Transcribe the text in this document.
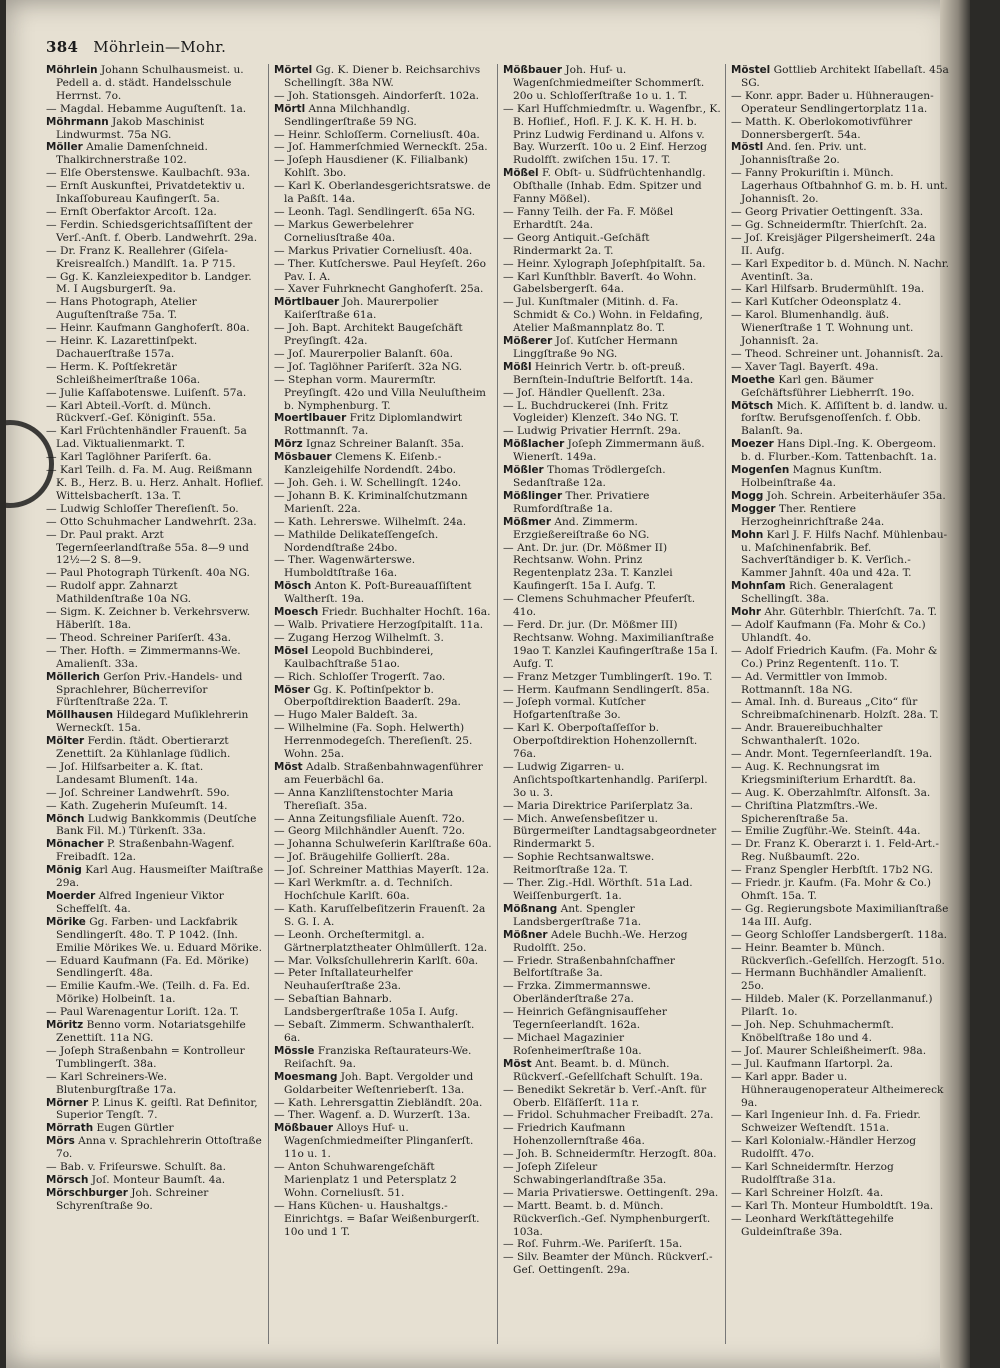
384 Möhrlein—Mohr.
Möhrlein Johann Schulhausmeist. u. Pedell a. d. städt. Handelsschule Herrnst. 7o.
— Magdal. Hebamme Auguſtenſt. 1a.
Möhrmann Jakob Maschinist Lindwurmst. 75a NG.
Möller Amalie Damenſchneid. Thalkirchnerstraße 102.
— Elſe Oberstenswe. Kaulbachſt. 93a.
— Ernſt Auskunftei, Privatdetektiv u. Inkaſſobureau Kaufingerſt. 5a.
— Ernſt Oberfaktor Arcoſt. 12a.
— Ferdin. Schiedsgerichtsaſſiſtent der Verſ.-Anſt. f. Oberb. Landwehrſt. 29a.
— Dr. Franz K. Reallehrer (Giſela-Kreisrealſch.) Mandlſt. 1a. P 715.
— Gg. K. Kanzleiexpeditor b. Landger. M. I Augsburgerſt. 9a.
— Hans Photograph, Atelier Auguſtenſtraße 75a. T.
— Heinr. Kaufmann Ganghoferſt. 80a.
— Heinr. K. Lazarettinſpekt. Dachauerſtraße 157a.
— Herm. K. Poſtſekretär Schleißheimerſtraße 106a.
— Julie Kaſſabotenswe. Luiſenſt. 57a.
— Karl Abteil.-Vorſt. d. Münch. Rückverſ.-Geſ. Königinſt. 55a.
— Karl Früchtenhändler Frauenſt. 5a Lad. Viktualienmarkt. T.
— Karl Taglöhner Pariſerſt. 6a.
— Karl Teilh. d. Fa. M. Aug. Reißmann K. B., Herz. B. u. Herz. Anhalt. Hoflief. Wittelsbacherſt. 13a. T.
— Ludwig Schloſſer Thereſienſt. 5o.
— Otto Schuhmacher Landwehrſt. 23a.
— Dr. Paul prakt. Arzt Tegernſeerlandſtraße 55a. 8—9 und 12½—2 S. 8—9.
— Paul Photograph Türkenſt. 40a NG.
— Rudolf appr. Zahnarzt Mathildenſtraße 10a NG.
— Sigm. K. Zeichner b. Verkehrsverw. Häberlſt. 18a.
— Theod. Schreiner Pariſerſt. 43a.
— Ther. Hofth. = Zimmermanns-We. Amalienſt. 33a.
Möllerich Gerſon Priv.-Handels- und Sprachlehrer, Bücherreviſor Fürſtenſtraße 22a. T.
Möllhausen Hildegard Muſiklehrerin Werneckſt. 15a.
Mölter Ferdin. ſtädt. Obertierarzt Zenettiſt. 2a Kühlanlage ſüdlich.
— Joſ. Hilfsarbeiter a. K. ſtat. Landesamt Blumenſt. 14a.
— Joſ. Schreiner Landwehrſt. 59o.
— Kath. Zugeherin Muſeumſt. 14.
Mönch Ludwig Bankkommis (Deutſche Bank Fil. M.) Türkenſt. 33a.
Mönacher P. Straßenbahn-Wagenf. Freibadſt. 12a.
Mönig Karl Aug. Hausmeiſter Maiſtraße 29a.
Moerder Alfred Ingenieur Viktor Scheffelſt. 4a.
Mörike Gg. Farben- und Lackfabrik Sendlingerſt. 48o. T. P 1042. (Inh. Emilie Mörikes We. u. Eduard Mörike.
— Eduard Kaufmann (Fa. Ed. Mörike) Sendlingerſt. 48a.
— Emilie Kaufm.-We. (Teilh. d. Fa. Ed. Mörike) Holbeinſt. 1a.
— Paul Warenagentur Loriſt. 12a. T.
Möritz Benno vorm. Notariatsgehilfe Zenettiſt. 11a NG.
— Joſeph Straßenbahn = Kontrolleur Tumblingerſt. 38a.
— Karl Schreiners-We. Blutenburgſtraße 17a.
Mörner P. Linus K. geiſtl. Rat Definitor, Superior Tengſt. 7.
Mörrath Eugen Gürtler
Mörs Anna v. Sprachlehrerin Ottoſtraße 7o.
— Bab. v. Friſeurswe. Schulſt. 8a.
Mörsch Joſ. Monteur Baumſt. 4a.
Mörschburger Joh. Schreiner Schyrenſtraße 9o.
Mörtel Gg. K. Diener b. Reichsarchivs Schellingſt. 38a NW.
— Joh. Stationsgeh. Aindorferſt. 102a.
Mörtl Anna Milchhandlg. Sendlingerſtraße 59 NG.
— Heinr. Schloſſerm. Corneliusſt. 40a.
— Joſ. Hammerſchmied Werneckſt. 25a.
— Joſeph Hausdiener (K. Filialbank) Kohlſt. 3bo.
— Karl K. Oberlandesgerichtsratswe. de la Paßſt. 14a.
— Leonh. Tagl. Sendlingerſt. 65a NG.
— Markus Gewerbelehrer Corneliusſtraße 40a.
— Markus Privatier Corneliusſt. 40a.
— Ther. Kutſcherswe. Paul Heyſeſt. 26o Pav. I. A.
— Xaver Fuhrknecht Ganghoferſt. 25a.
Mörtlbauer Joh. Maurerpolier Kaiſerſtraße 61a.
— Joh. Bapt. Architekt Baugeſchäft Preyſingſt. 42a.
— Joſ. Maurerpolier Balanſt. 60a.
— Joſ. Taglöhner Pariſerſt. 32a NG.
— Stephan vorm. Maurermſtr. Preyſingſt. 42o und Villa Neuluſtheim b. Nymphenburg. T.
Moertlbauer Fritz Diplomlandwirt Rottmannſt. 7a.
Mörz Ignaz Schreiner Balanſt. 35a.
Mösbauer Clemens K. Eiſenb.-Kanzleigehilfe Nordendſt. 24bo.
— Joh. Geh. i. W. Schellingſt. 124o.
— Johann B. K. Kriminalſchutzmann Marienſt. 22a.
— Kath. Lehrerswe. Wilhelmſt. 24a.
— Mathilde Delikateſſengeſch. Nordendſtraße 24bo.
— Ther. Wagenwärterswe. Humboldtſtraße 16a.
Mösch Anton K. Poſt-Bureauaſſiſtent Waltherſt. 19a.
Moesch Friedr. Buchhalter Hochſt. 16a.
— Walb. Privatiere Herzogſpitalſt. 11a.
— Zugang Herzog Wilhelmſt. 3.
Mösel Leopold Buchbinderei, Kaulbachſtraße 51ao.
— Rich. Schloſſer Trogerſt. 7ao.
Möser Gg. K. Poſtinſpektor b. Oberpoſtdirektion Baaderſt. 29a.
— Hugo Maler Baldeſt. 3a.
— Wilhelmine (Fa. Soph. Helwerth) Herrenmodegeſch. Thereſienſt. 25. Wohn. 25a.
Möst Adalb. Straßenbahnwagenführer am Feuerbächl 6a.
— Anna Kanzliſtenstochter Maria Thereſiaſt. 35a.
— Anna Zeitungsfiliale Auenſt. 72o.
— Georg Milchhändler Auenſt. 72o.
— Johanna Schulweſerin Karlſtraße 60a.
— Joſ. Bräugehilfe Gollierſt. 28a.
— Joſ. Schreiner Matthias Mayerſt. 12a.
— Karl Werkmſtr. a. d. Techniſch. Hochſchule Karlſt. 60a.
— Kath. Karuſſelbeſitzerin Frauenſt. 2a S. G. I. A.
— Leonh. Orcheſtermitgl. a. Gärtnerplatztheater Ohlmüllerſt. 12a.
— Mar. Volksſchullehrerin Karlſt. 60a.
— Peter Inſtallateurhelfer Neuhauſerſtraße 23a.
— Sebaſtian Bahnarb. Landsbergerſtraße 105a I. Aufg.
— Sebaſt. Zimmerm. Schwanthalerſt. 6a.
Mössle Franziska Reſtaurateurs-We. Reiſachſt. 9a.
Moesmang Joh. Bapt. Vergolder und Goldarbeiter Weſtenrieberſt. 13a.
— Kath. Lehrersgattin Ziebländſt. 20a.
— Ther. Wagenf. a. D. Wurzerſt. 13a.
Mößbauer Alloys Huf- u. Wagenſchmiedmeiſter Plinganſerſt. 11o u. 1.
— Anton Schuhwarengeſchäft Marienplatz 1 und Petersplatz 2 Wohn. Corneliusſt. 51.
— Hans Küchen- u. Haushaltgs.-Einrichtgs. = Baſar Weißenburgerſt. 10o und 1 T.
Mößbauer Joh. Huf- u. Wagenſchmiedmeiſter Schommerſt. 20o u. Schloſſerſtraße 1o u. 1. T.
— Karl Hufſchmiedmſtr. u. Wagenfbr., K. B. Hoflief., Hofl. F. J. K. K. H. H. b. Prinz Ludwig Ferdinand u. Alfons v. Bay. Wurzerſt. 10o u. 2 Einf. Herzog Rudolfſt. zwiſchen 15u. 17. T.
Mößel F. Obſt- u. Südfrüchtenhandlg. Obſthalle (Inhab. Edm. Spitzer und Fanny Mößel).
— Fanny Teilh. der Fa. F. Mößel Erhardtſt. 24a.
— Georg Antiquit.-Geſchäft Rindermarkt 2a. T.
— Heinr. Xylograph Joſephſpitalſt. 5a.
— Karl Kunſthblr. Baverſt. 4o Wohn. Gabelsbergerſt. 64a.
— Jul. Kunſtmaler (Mitinh. d. Fa. Schmidt & Co.) Wohn. in Feldafing, Atelier Maßmannplatz 8o. T.
Mößerer Joſ. Kutſcher Hermann Linggſtraße 9o NG.
Mößl Heinrich Vertr. b. oſt-preuß. Bernſtein-Induſtrie Belfortſt. 14a.
— Joſ. Händler Quellenſt. 23a.
— L. Buchdruckerei (Inh. Fritz Vogleider) Klenzeſt. 34o NG. T.
— Ludwig Privatier Herrnſt. 29a.
Mößlacher Joſeph Zimmermann äuß. Wienerſt. 149a.
Mößler Thomas Trödlergeſch. Sedanſtraße 12a.
Mößlinger Ther. Privatiere Rumfordſtraße 1a.
Mößmer And. Zimmerm. Erzgießereiſtraße 6o NG.
— Ant. Dr. jur. (Dr. Mößmer II) Rechtsanw. Wohn. Prinz Regentenplatz 23a. T. Kanzlei Kaufingerſt. 15a I. Aufg. T.
— Clemens Schuhmacher Pfeuferſt. 41o.
— Ferd. Dr. jur. (Dr. Mößmer III) Rechtsanw. Wohng. Maximilianſtraße 19ao T. Kanzlei Kaufingerſtraße 15a I. Aufg. T.
— Franz Metzger Tumblingerſt. 19o. T.
— Herm. Kaufmann Sendlingerſt. 85a.
— Joſeph vormal. Kutſcher Hofgartenſtraße 3o.
— Karl K. Oberpoſtaſſeſſor b. Oberpoſtdirektion Hohenzollernſt. 76a.
— Ludwig Zigarren- u. Anſichtspoſtkartenhandlg. Pariſerpl. 3o u. 3.
— Maria Direktrice Pariſerplatz 3a.
— Mich. Anweſensbeſitzer u. Bürgermeiſter Landtagsabgeordneter Rindermarkt 5.
— Sophie Rechtsanwaltswe. Reitmorſtraße 12a. T.
— Ther. Zig.-Hdl. Wörthſt. 51a Lad. Weiſſenburgerſt. 1a.
Mößnang Ant. Spengler Landsbergerſtraße 71a.
Mößner Adele Buchh.-We. Herzog Rudolfſt. 25o.
— Friedr. Straßenbahnſchaffner Belfortſtraße 3a.
— Frzka. Zimmermannswe. Oberländerſtraße 27a.
— Heinrich Gefängnisaufſeher Tegernſeerlandſt. 162a.
— Michael Magazinier Roſenheimerſtraße 10a.
Möst Ant. Beamt. b. d. Münch. Rückverſ.-Geſellſchaft Schulſt. 19a.
— Benedikt Sekretär b. Verſ.-Anſt. für Oberb. Elſäſſerſt. 11a r.
— Fridol. Schuhmacher Freibadſt. 27a.
— Friedrich Kaufmann Hohenzollernſtraße 46a.
— Joh. B. Schneidermſtr. Herzogſt. 80a.
— Joſeph Ziſeleur Schwabingerlandſtraße 35a.
— Maria Privatierswe. Oettingenſt. 29a.
— Martt. Beamt. b. d. Münch. Rückverſich.-Geſ. Nymphenburgerſt. 103a.
— Roſ. Fuhrm.-We. Pariſerſt. 15a.
— Silv. Beamter der Münch. Rückverſ.-Geſ. Oettingenſt. 29a.
Möstel Gottlieb Architekt Iſabellaſt. 45a SG.
— Konr. appr. Bader u. Hühneraugen-Operateur Sendlingertorplatz 11a.
— Matth. K. Oberlokomotivführer Donnersbergerſt. 54a.
Möstl And. ſen. Priv. unt. Johannisſtraße 2o.
— Fanny Prokuriſtin i. Münch. Lagerhaus Oſtbahnhof G. m. b. H. unt. Johannisſt. 2o.
— Georg Privatier Oettingenſt. 33a.
— Gg. Schneidermſtr. Thierſchſt. 2a.
— Joſ. Kreisjäger Pilgersheimerſt. 24a II. Aufg.
— Karl Expeditor b. d. Münch. N. Nachr. Aventinſt. 3a.
— Karl Hilfsarb. Brudermühlſt. 19a.
— Karl Kutſcher Odeonsplatz 4.
— Karol. Blumenhandlg. äuß. Wienerſtraße 1 T. Wohnung unt. Johannisſt. 2a.
— Theod. Schreiner unt. Johannisſt. 2a.
— Xaver Tagl. Bayerſt. 49a.
Moethe Karl gen. Bäumer Geſchäftsführer Liebherrſt. 19o.
Mötsch Mich. K. Aſſiſtent b. d. landw. u. forſtw. Berufsgenoſſenſch. f. Obb. Balanſt. 9a.
Moezer Hans Dipl.-Ing. K. Obergeom. b. d. Flurber.-Kom. Tattenbachſt. 1a.
Mogenſen Magnus Kunſtm. Holbeinſtraße 4a.
Mogg Joh. Schrein. Arbeiterhäuſer 35a.
Mogger Ther. Rentiere Herzogheinrichſtraße 24a.
Mohn Karl J. F. Hilfs Nachf. Mühlenbau- u. Maſchinenfabrik. Bef. Sachverſtändiger b. K. Verſich.-Kammer Jahnſt. 40a und 42a. T.
Mohnſam Rich. Generalagent Schellingſt. 38a.
Mohr Ahr. Güterhblr. Thierſchſt. 7a. T.
— Adolf Kaufmann (Fa. Mohr & Co.) Uhlandſt. 4o.
— Adolf Friedrich Kaufm. (Fa. Mohr & Co.) Prinz Regentenſt. 11o. T.
— Ad. Vermittler von Immob. Rottmannſt. 18a NG.
— Amal. Inh. d. Bureaus „Cito“ für Schreibmaſchinenarb. Holzſt. 28a. T.
— Andr. Brauereibuchhalter Schwanthalerſt. 102o.
— Andr. Mont. Tegernſeerlandſt. 19a.
— Aug. K. Rechnungsrat im Kriegsminiſterium Erhardtſt. 8a.
— Aug. K. Oberzahlmſtr. Alfonsſt. 3a.
— Chriſtina Platzmſtrs.-We. Spicherenſtraße 5a.
— Emilie Zugführ.-We. Steinſt. 44a.
— Dr. Franz K. Oberarzt i. 1. Feld-Art.-Reg. Nußbaumſt. 22o.
— Franz Spengler Herbſtſt. 17b2 NG.
— Friedr. jr. Kaufm. (Fa. Mohr & Co.) Ohmſt. 15a. T.
— Gg. Regierungsbote Maximilianſtraße 14a III. Aufg.
— Georg Schloſſer Landsbergerſt. 118a.
— Heinr. Beamter b. Münch. Rückverſich.-Geſellſch. Herzogſt. 51o.
— Hermann Buchhändler Amalienſt. 25o.
— Hildeb. Maler (K. Porzellanmanuf.) Pilarſt. 1o.
— Joh. Nep. Schuhmachermſt. Knöbelſtraße 18o und 4.
— Joſ. Maurer Schleißheimerſt. 98a.
— Jul. Kaufmann Iſartorpl. 2a.
— Karl appr. Bader u. Hühneraugenoperateur Altheimereck 9a.
— Karl Ingenieur Inh. d. Fa. Friedr. Schweizer Weſtendſt. 151a.
— Karl Kolonialw.-Händler Herzog Rudolfſt. 47o.
— Karl Schneidermſtr. Herzog Rudolfſtraße 31a.
— Karl Schreiner Holzſt. 4a.
— Karl Th. Monteur Humboldtſt. 19a.
— Leonhard Werkſtättegehilfe Guldeinſtraße 39a.
